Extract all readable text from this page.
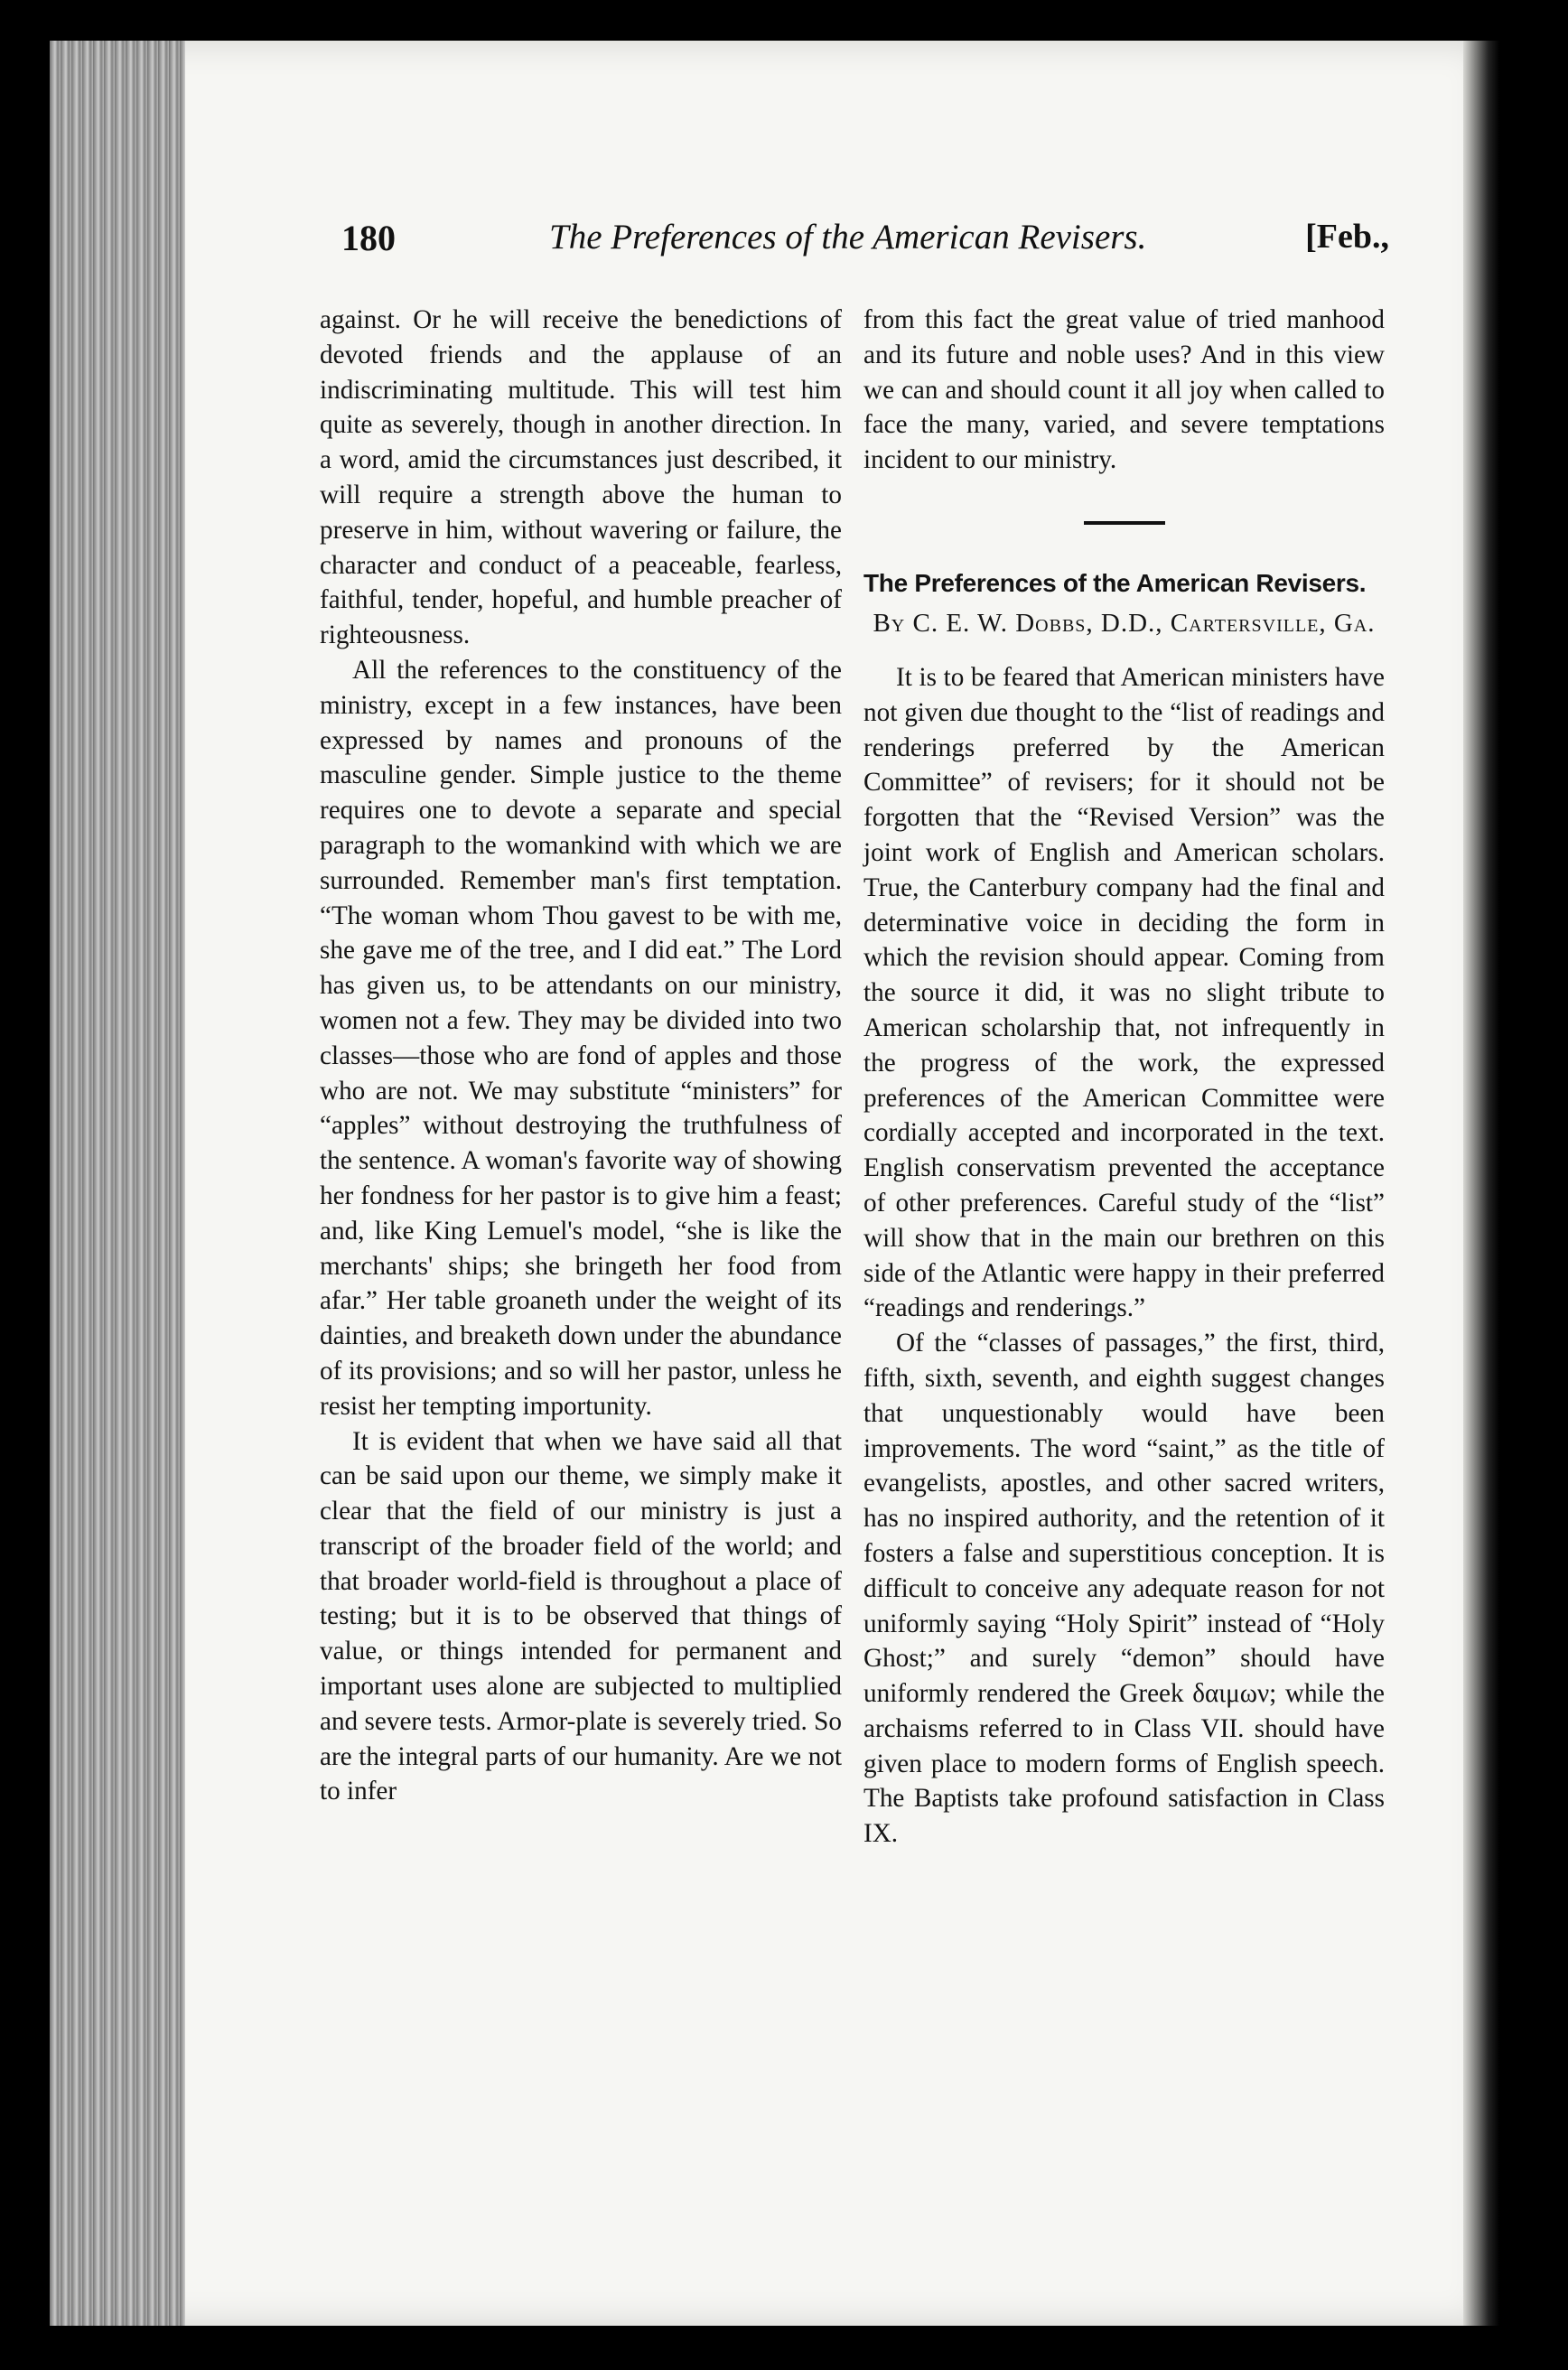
180	The Preferences of the American Revisers.	[Feb.,

against. Or he will receive the benedictions of devoted friends and the applause of an indiscriminating multitude. This will test him quite as severely, though in another direction. In a word, amid the circumstances just described, it will require a strength above the human to preserve in him, without wavering or failure, the character and conduct of a peaceable, fearless, faithful, tender, hopeful, and humble preacher of righteousness.

All the references to the constituency of the ministry, except in a few instances, have been expressed by names and pronouns of the masculine gender. Simple justice to the theme requires one to devote a separate and special paragraph to the womankind with which we are surrounded. Remember man's first temptation. “The woman whom Thou gavest to be with me, she gave me of the tree, and I did eat.” The Lord has given us, to be attendants on our ministry, women not a few. They may be divided into two classes—those who are fond of apples and those who are not. We may substitute “ministers” for “apples” without destroying the truthfulness of the sentence. A woman's favorite way of showing her fondness for her pastor is to give him a feast; and, like King Lemuel's model, “she is like the merchants' ships; she bringeth her food from afar.” Her table groaneth under the weight of its dainties, and breaketh down under the abundance of its provisions; and so will her pastor, unless he resist her tempting importunity.

It is evident that when we have said all that can be said upon our theme, we simply make it clear that the field of our ministry is just a transcript of the broader field of the world; and that broader world-field is throughout a place of testing; but it is to be observed that things of value, or things intended for permanent and important uses alone are subjected to multiplied and severe tests. Armor-plate is severely tried. So are the integral parts of our humanity. Are we not to infer

from this fact the great value of tried manhood and its future and noble uses? And in this view we can and should count it all joy when called to face the many, varied, and severe temptations incident to our ministry.

The Preferences of the American Revisers.
By C. E. W. Dobbs, D.D., Cartersville, Ga.

It is to be feared that American ministers have not given due thought to the “list of readings and renderings preferred by the American Committee” of revisers; for it should not be forgotten that the “Revised Version” was the joint work of English and American scholars. True, the Canterbury company had the final and determinative voice in deciding the form in which the revision should appear. Coming from the source it did, it was no slight tribute to American scholarship that, not infrequently in the progress of the work, the expressed preferences of the American Committee were cordially accepted and incorporated in the text. English conservatism prevented the acceptance of other preferences. Careful study of the “list” will show that in the main our brethren on this side of the Atlantic were happy in their preferred “readings and renderings.”

Of the “classes of passages,” the first, third, fifth, sixth, seventh, and eighth suggest changes that unquestionably would have been improvements. The word “saint,” as the title of evangelists, apostles, and other sacred writers, has no inspired authority, and the retention of it fosters a false and superstitious conception. It is difficult to conceive any adequate reason for not uniformly saying “Holy Spirit” instead of “Holy Ghost;” and surely “demon” should have uniformly rendered the Greek δαιμων; while the archaisms referred to in Class VII. should have given place to modern forms of English speech. The Baptists take profound satisfaction in Class IX.
